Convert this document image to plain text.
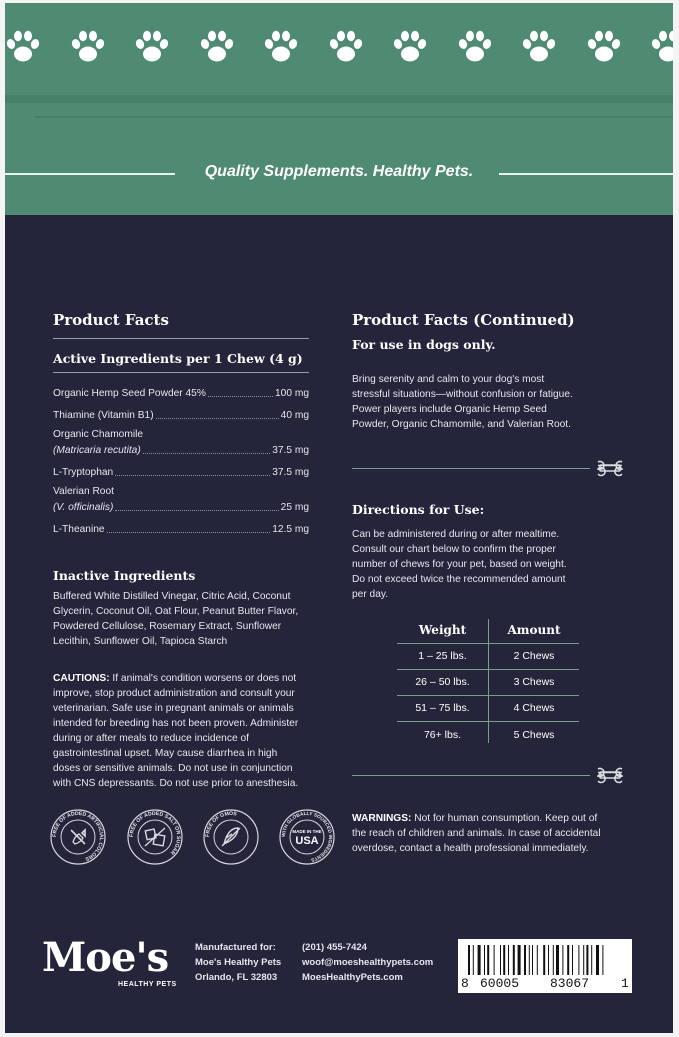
Quality Supplements. Healthy Pets.
Product Facts
Active Ingredients per 1 Chew (4 g)
Organic Hemp Seed Powder 45%	100 mg
Thiamine (Vitamin B1)	40 mg
Organic Chamomile
(Matricaria recutita)	37.5 mg
L-Tryptophan	37.5 mg
Valerian Root
(V. officinalis)	25 mg
L-Theanine	12.5 mg
Inactive Ingredients

Buffered White Distilled Vinegar, Citric Acid, Coconut

Glycerin, Coconut Oil, Oat Flour, Peanut Butter Flavor,

Powdered Cellulose, Rosemary Extract, Sunflower

Lecithin, Sunflower Oil, Tapioca Starch

CAUTIONS: If animal's condition worsens or does not

improve, stop product administration and consult your

veterinarian. Safe use in pregnant animals or animals

intended for breeding has not been proven. Administer

during or after meals to reduce incidence of

gastrointestinal upset. May cause diarrhea in high

doses or sensitive animals. Do not use in conjunction

with CNS depressants. Do not use prior to anesthesia.

Product Facts (Continued)
For use in dogs only.

Bring serenity and calm to your dog's most

stressful situations—without confusion or fatigue.

Power players include Organic Hemp Seed

Powder, Organic Chamomile, and Valerian Root.

Directions for Use:

Can be administered during or after mealtime.

Consult our chart below to confirm the proper

number of chews for your pet, based on weight.

Do not exceed twice the recommended amount

per day.

Weight	Amount
1 – 25 lbs.	2 Chews
26 – 50 lbs.	3 Chews
51 – 75 lbs.	4 Chews
76+ lbs.	5 Chews

WARNINGS: Not for human consumption. Keep out of

the reach of children and animals. In case of accidental

overdose, contact a health professional immediately.

FREE OF ADDED ARTIFICIAL COLORS
FREE OF ADDED SALT OR SUGAR
FREE OF GMOS
WITH GLOBALLY SOURCED INGREDIENTS
MADE IN THE
USA
Moe's
HEALTHY PETS
Manufactured for:
Moe's Healthy Pets
Orlando, FL 32803
(201) 455-7424
woof@moeshealthypets.com
MoesHealthyPets.com	8 60005 83067 1
